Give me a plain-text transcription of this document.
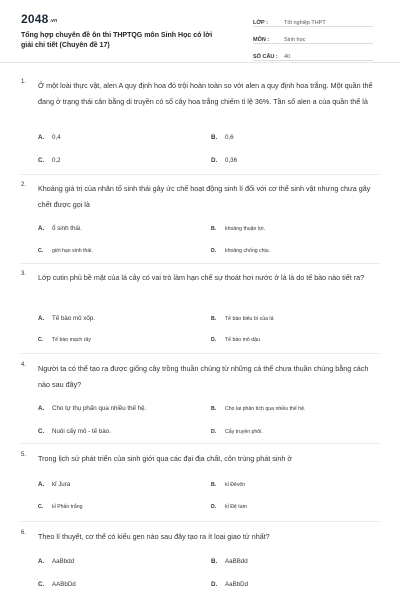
2048.vn
Tổng hợp chuyên đề ôn thi THPTQG môn Sinh Học có lời giải chi tiết (Chuyên đề 17)
LỚP :	Tốt nghiệp THPT
MÔN :	Sinh học
SỐ CÂU :	40
1. Ở một loài thực vật, alen A quy định hoa đỏ trội hoàn toàn so với alen a quy định hoa trắng. Một quần thể đang ở trạng thái cân bằng di truyền có số cây hoa trắng chiếm tỉ lệ 36%. Tần số alen a của quần thể là
A. 0,4	B. 0,6
C. 0,2	D. 0,36
2. Khoảng giá trị của nhân tố sinh thái gây ức chế hoạt động sinh lí đối với cơ thể sinh vật nhưng chưa gây chết được gọi là
A. ổ sinh thái.	B. khoảng thuận lợi.
C. giới hạn sinh thái.	D. khoảng chống chịu.
3. Lớp cutin phủ bề mặt của lá cây có vai trò làm hạn chế sự thoát hơi nước ở lá là do tế bào nào tiết ra?
A. Tế bào mô xốp.	B. Tế bào biểu bì của lá
C. Tế bào mạch rây	D. Tế bào mô dậu
4. Người ta có thể tạo ra được giống cây trồng thuần chủng từ những cá thể chưa thuần chủng bằng cách nào sau đây?
A. Cho tự thụ phấn qua nhiều thế hệ.	B. Cho lai phân tích qua nhiều thế hệ.
C. Nuôi cấy mô - tế bào.	D. Cấy truyền phôi.
5. Trong lịch sử phát triển của sinh giới qua các đại địa chất, côn trùng phát sinh ở
A. kỉ Jura	B. kỉ Đêvôn
C. kỉ Phấn trắng	D. kỉ Đệ tam
6. Theo lí thuyết, cơ thể có kiểu gen nào sau đây tạo ra ít loại giao tử nhất?
A. AaBbdd	B. AaBBdd
C. AABbDd	D. AaBbDd
